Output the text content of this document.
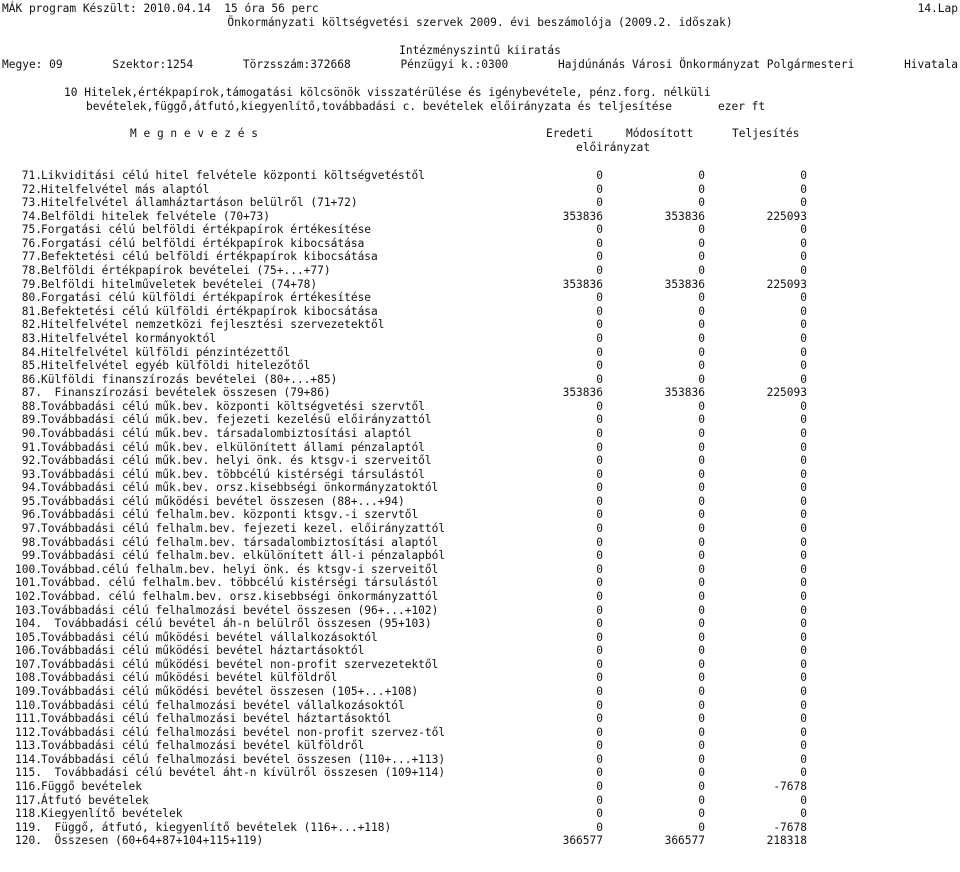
MÁK program Készült: 2010.04.14  15 óra 56 perc	14.Lap
Önkormányzati költségvetési szervek 2009. évi beszámolója (2009.2. időszak)
Intézményszintű kiiratás
Megye: 09	Szektor:1254	Törzsszám:372668	Pénzügyi k.:0300	Hajdúnánás Városi Önkormányzat Polgármesteri	Hivatala
10 Hitelek,értékpapírok,támogatási kölcsönök visszatérülése és igénybevétele, pénz.forg. nélküli
bevételek,függő,átfutó,kiegyenlítő,továbbadási c. bevételek előirányzata és teljesítése	ezer ft
M e g n e v e z é s	Eredeti
előirányzat
Módosított	Teljesítés
71. Likviditási célú hitel felvétele központi költségvetéstől	0	0	0
72. Hitelfelvétel más alaptól	0	0	0
73. Hitelfelvétel államháztartáson belülről (71+72)	0	0	0
74. Belföldi hitelek felvétele (70+73)	353836	353836	225093
75. Forgatási célú belföldi értékpapírok értékesítése	0	0	0
76. Forgatási célú belföldi értékpapírok kibocsátása	0	0	0
77. Befektetési célú belföldi értékpapírok kibocsátása	0	0	0
78. Belföldi értékpapírok bevételei (75+...+77)	0	0	0
79. Belföldi hitelműveletek bevételei (74+78)	353836	353836	225093
80. Forgatási célú külföldi értékpapírok értékesítése	0	0	0
81. Befektetési célú külföldi értékpapírok kibocsátása	0	0	0
82. Hitelfelvétel nemzetközi fejlesztési szervezetektől	0	0	0
83. Hitelfelvétel kormányoktól	0	0	0
84. Hitelfelvétel külföldi pénzintézettől	0	0	0
85. Hitelfelvétel egyéb külföldi hitelezőtől	0	0	0
86. Külföldi finanszírozás bevételei (80+...+85)	0	0	0
87. Finanszírozási bevételek összesen (79+86)	353836	353836	225093
88. Továbbadási célú műk.bev. központi költségvetési szervtől	0	0	0
89. Továbbadási célú műk.bev. fejezeti kezelésű előirányzattól	0	0	0
90. Továbbadási célú műk.bev. társadalombiztosítási alaptól	0	0	0
91. Továbbadási célú műk.bev. elkülönített állami pénzalaptól	0	0	0
92. Továbbadási célú műk.bev. helyi önk. és ktsgv-i szerveitől	0	0	0
93. Továbbadási célú műk.bev. többcélú kistérségi társulástól	0	0	0
94. Továbbadási célú műk.bev. orsz.kisebbségi önkormányzatoktól	0	0	0
95. Továbbadási célú működési bevétel összesen (88+...+94)	0	0	0
96. Továbbadási célú felhalm.bev. központi ktsgv.-i szervtől	0	0	0
97. Továbbadási célú felhalm.bev. fejezeti kezel. előirányzattól	0	0	0
98. Továbbadási célú felhalm.bev. társadalombiztosítási alaptól	0	0	0
99. Továbbadási célú felhalm.bev. elkülönített áll-i pénzalapból	0	0	0
100. Továbbad.célú felhalm.bev. helyi önk. és ktsgv-i szerveitől	0	0	0
101. Továbbad. célú felhalm.bev. többcélú kistérségi társulástól	0	0	0
102. Továbbad. célú felhalm.bev. orsz.kisebbségi önkormányzattól	0	0	0
103. Továbbadási célú felhalmozási bevétel összesen (96+...+102)	0	0	0
104. Továbbadási célú bevétel áh-n belülről összesen (95+103)	0	0	0
105. Továbbadási célú működési bevétel vállalkozásoktól	0	0	0
106. Továbbadási célú működési bevétel háztartásoktól	0	0	0
107. Továbbadási célú működési bevétel non-profit szervezetektől	0	0	0
108. Továbbadási célú működési bevétel külföldről	0	0	0
109. Továbbadási célú működési bevétel összesen (105+...+108)	0	0	0
110. Továbbadási célú felhalmozási bevétel vállalkozásoktól	0	0	0
111. Továbbadási célú felhalmozási bevétel háztartásoktól	0	0	0
112. Továbbadási célú felhalmozási bevétel non-profit szervez-től	0	0	0
113. Továbbadási célú felhalmozási bevétel külföldről	0	0	0
114. Továbbadási célú felhalmozási bevétel összesen (110+...+113)	0	0	0
115. Továbbadási célú bevétel áht-n kívülről összesen (109+114)	0	0	0
116. Függő bevételek	0	0	-7678
117. Átfutó bevételek	0	0	0
118. Kiegyenlítő bevételek	0	0	0
119. Függő, átfutó, kiegyenlítő bevételek (116+...+118)	0	0	-7678
120. Összesen (60+64+87+104+115+119)	366577	366577	218318
